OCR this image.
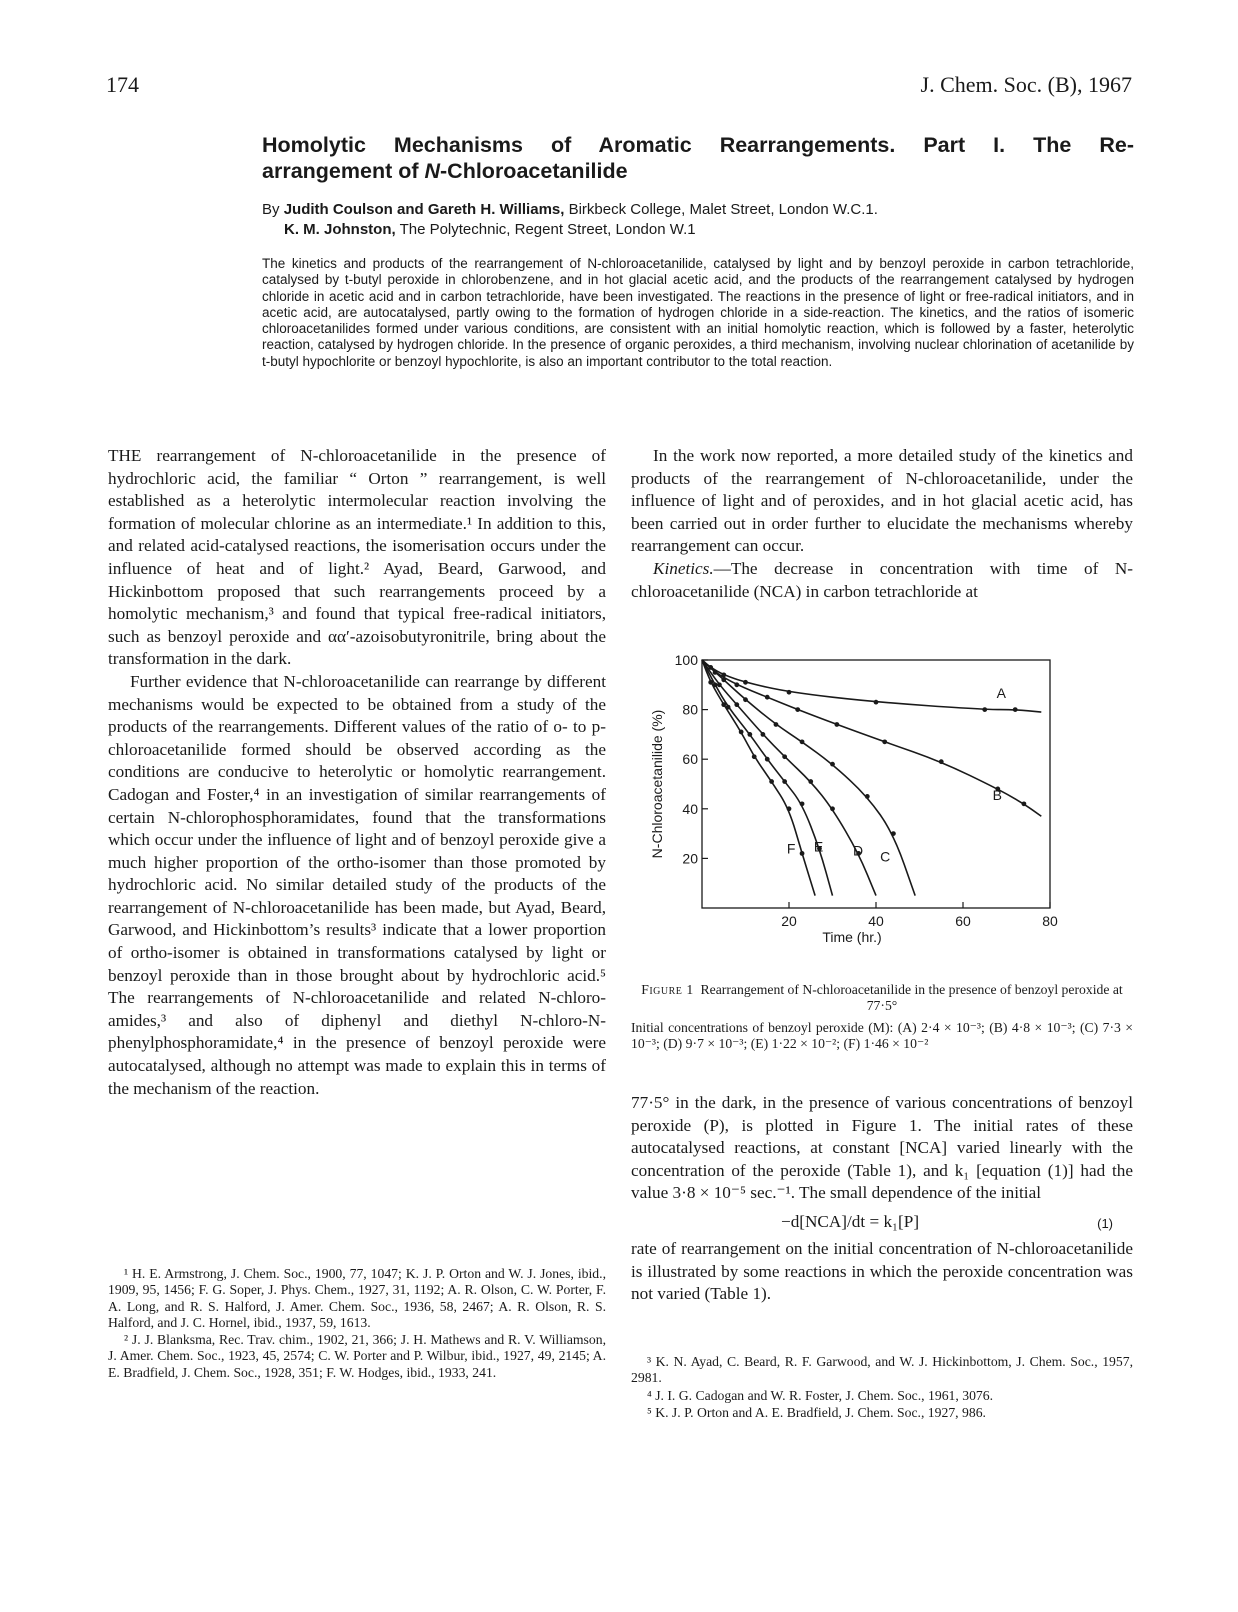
174	J. Chem. Soc. (B), 1967
Homolytic Mechanisms of Aromatic Rearrangements. Part I. The Re-
arrangement of N-Chloroacetanilide
By Judith Coulson and Gareth H. Williams, Birkbeck College, Malet Street, London W.C.1.
K. M. Johnston, The Polytechnic, Regent Street, London W.1
The kinetics and products of the rearrangement of N-chloroacetanilide, catalysed by light and by benzoyl peroxide in carbon tetrachloride, catalysed by t-butyl peroxide in chlorobenzene, and in hot glacial acetic acid, and the products of the rearrangement catalysed by hydrogen chloride in acetic acid and in carbon tetrachloride, have been investigated. The reactions in the presence of light or free-radical initiators, and in acetic acid, are autocatalysed, partly owing to the formation of hydrogen chloride in a side-reaction. The kinetics, and the ratios of isomeric chloroacetanilides formed under various conditions, are consistent with an initial homolytic reaction, which is followed by a faster, heterolytic reaction, catalysed by hydrogen chloride. In the presence of organic peroxides, a third mechanism, involving nuclear chlorination of acetanilide by t-butyl hypochlorite or benzoyl hypochlorite, is also an important contributor to the total reaction.

THE rearrangement of N-chloroacetanilide in the presence of hydrochloric acid, the familiar “ Orton ” rearrangement, is well established as a heterolytic intermolecular reaction involving the formation of molecular chlorine as an intermediate.¹ In addition to this, and related acid-catalysed reactions, the isomerisation occurs under the influence of heat and of light.² Ayad, Beard, Garwood, and Hickinbottom proposed that such rearrangements proceed by a homolytic mechanism,³ and found that typical free-radical initiators, such as benzoyl peroxide and αα′-azoisobutyronitrile, bring about the transformation in the dark.

Further evidence that N-chloroacetanilide can rearrange by different mechanisms would be expected to be obtained from a study of the products of the rearrangements. Different values of the ratio of o- to p-chloroacetanilide formed should be observed according as the conditions are conducive to heterolytic or homolytic rearrangement. Cadogan and Foster,⁴ in an investigation of similar rearrangements of certain N-chlorophosphoramidates, found that the transformations which occur under the influence of light and of benzoyl peroxide give a much higher proportion of the ortho-isomer than those promoted by hydrochloric acid. No similar detailed study of the products of the rearrangement of N-chloroacetanilide has been made, but Ayad, Beard, Garwood, and Hickinbottom’s results³ indicate that a lower proportion of ortho-isomer is obtained in transformations catalysed by light or benzoyl peroxide than in those brought about by hydrochloric acid.⁵ The rearrangements of N-chloroacetanilide and related N-chloro-amides,³ and also of diphenyl and diethyl N-chloro-N-phenylphosphoramidate,⁴ in the presence of benzoyl peroxide were autocatalysed, although no attempt was made to explain this in terms of the mechanism of the reaction.

¹ H. E. Armstrong, J. Chem. Soc., 1900, 77, 1047; K. J. P. Orton and W. J. Jones, ibid., 1909, 95, 1456; F. G. Soper, J. Phys. Chem., 1927, 31, 1192; A. R. Olson, C. W. Porter, F. A. Long, and R. S. Halford, J. Amer. Chem. Soc., 1936, 58, 2467; A. R. Olson, R. S. Halford, and J. C. Hornel, ibid., 1937, 59, 1613.

² J. J. Blanksma, Rec. Trav. chim., 1902, 21, 366; J. H. Mathews and R. V. Williamson, J. Amer. Chem. Soc., 1923, 45, 2574; C. W. Porter and P. Wilbur, ibid., 1927, 49, 2145; A. E. Bradfield, J. Chem. Soc., 1928, 351; F. W. Hodges, ibid., 1933, 241.

In the work now reported, a more detailed study of the kinetics and products of the rearrangement of N-chloroacetanilide, under the influence of light and of peroxides, and in hot glacial acetic acid, has been carried out in order further to elucidate the mechanisms whereby rearrangement can occur.

Kinetics.—The decrease in concentration with time of N-chloroacetanilide (NCA) in carbon tetrachloride at

20	40	60	80
20
40
60
80
100
A
B
C
D
E
F
Time (hr.)
N-Chloroacetanilide (%)
Figure 1 Rearrangement of N-chloroacetanilide in the presence of benzoyl peroxide at 77·5°
Initial concentrations of benzoyl peroxide (M): (A) 2·4 × 10⁻³; (B) 4·8 × 10⁻³; (C) 7·3 × 10⁻³; (D) 9·7 × 10⁻³; (E) 1·22 × 10⁻²; (F) 1·46 × 10⁻²

77·5° in the dark, in the presence of various concentrations of benzoyl peroxide (P), is plotted in Figure 1. The initial rates of these autocatalysed reactions, at constant [NCA] varied linearly with the concentration of the peroxide (Table 1), and k₁ [equation (1)] had the value 3·8 × 10⁻⁵ sec.⁻¹. The small dependence of the initial

−d[NCA]/dt = k₁[P]	(1)

rate of rearrangement on the initial concentration of N-chloroacetanilide is illustrated by some reactions in which the peroxide concentration was not varied (Table 1).

³ K. N. Ayad, C. Beard, R. F. Garwood, and W. J. Hickinbottom, J. Chem. Soc., 1957, 2981.

⁴ J. I. G. Cadogan and W. R. Foster, J. Chem. Soc., 1961, 3076.

⁵ K. J. P. Orton and A. E. Bradfield, J. Chem. Soc., 1927, 986.
